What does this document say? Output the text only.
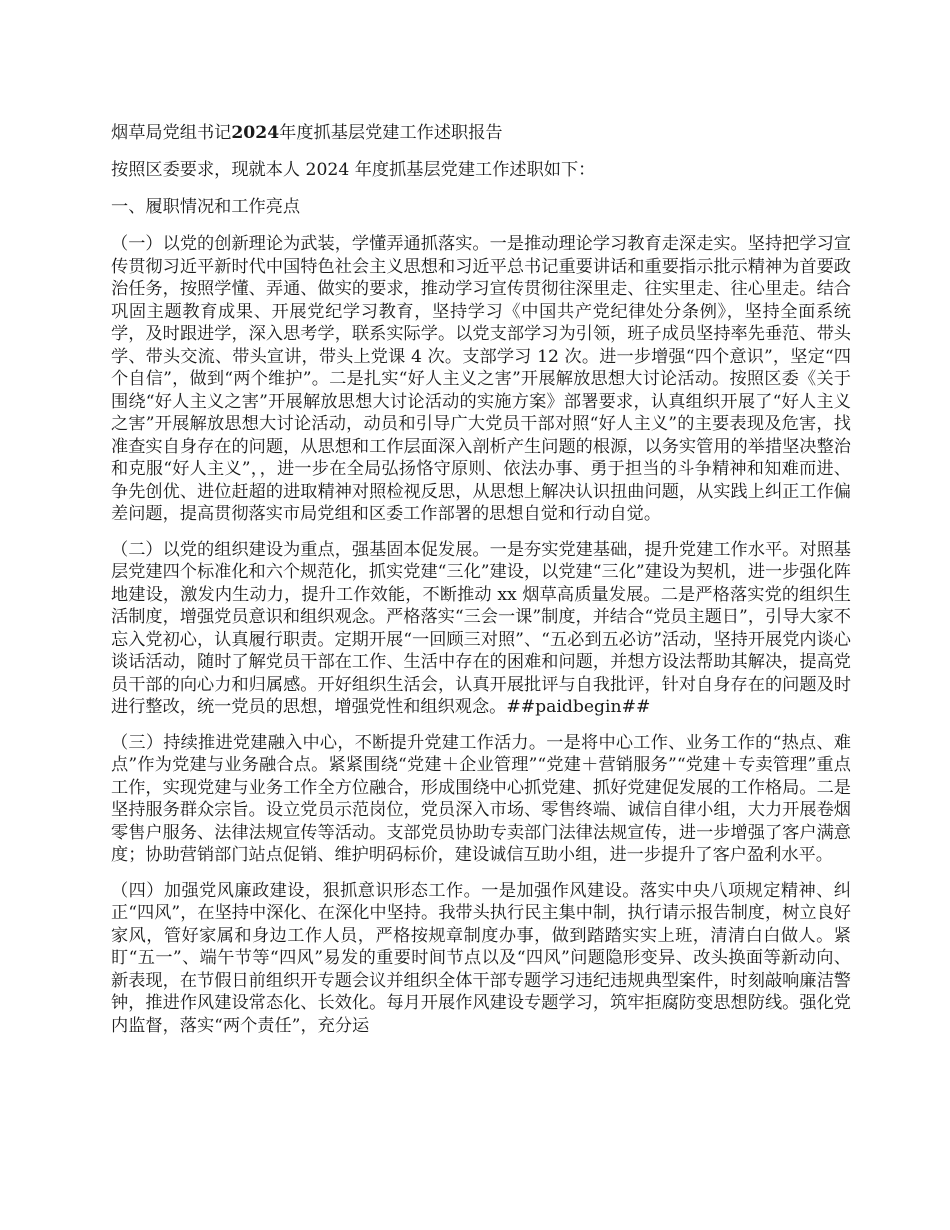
烟草局党组书记2024年度抓基层党建工作述职报告

按照区委要求，现就本人 2024 年度抓基层党建工作述职如下：

一、履职情况和工作亮点

（一）以党的创新理论为武装，学懂弄通抓落实。一是推动理论学习教育走深走实。坚持把学习宣传贯彻习近平新时代中国特色社会主义思想和习近平总书记重要讲话和重要指示批示精神为首要政治任务，按照学懂、弄通、做实的要求，推动学习宣传贯彻往深里走、往实里走、往心里走。结合巩固主题教育成果、开展党纪学习教育，坚持学习《中国共产党纪律处分条例》，坚持全面系统学，及时跟进学，深入思考学，联系实际学。以党支部学习为引领，班子成员坚持率先垂范、带头学、带头交流、带头宣讲，带头上党课 4 次。支部学习 12 次。进一步增强“四个意识”，坚定“四个自信”，做到“两个维护”。二是扎实“好人主义之害”开展解放思想大讨论活动。按照区委《关于围绕“好人主义之害”开展解放思想大讨论活动的实施方案》部署要求，认真组织开展了“好人主义之害”开展解放思想大讨论活动，动员和引导广大党员干部对照“好人主义”的主要表现及危害，找准查实自身存在的问题，从思想和工作层面深入剖析产生问题的根源，以务实管用的举措坚决整治和克服“好人主义”，，进一步在全局弘扬恪守原则、依法办事、勇于担当的斗争精神和知难而进、争先创优、进位赶超的进取精神对照检视反思，从思想上解决认识扭曲问题，从实践上纠正工作偏差问题，提高贯彻落实市局党组和区委工作部署的思想自觉和行动自觉。

（二）以党的组织建设为重点，强基固本促发展。一是夯实党建基础，提升党建工作水平。对照基层党建四个标准化和六个规范化，抓实党建“三化”建设，以党建“三化”建设为契机，进一步强化阵地建设，激发内生动力，提升工作效能，不断推动 xx 烟草高质量发展。二是严格落实党的组织生活制度，增强党员意识和组织观念。严格落实“三会一课”制度，并结合“党员主题日”，引导大家不忘入党初心，认真履行职责。定期开展“一回顾三对照”、“五必到五必访”活动，坚持开展党内谈心谈话活动，随时了解党员干部在工作、生活中存在的困难和问题，并想方设法帮助其解决，提高党员干部的向心力和归属感。开好组织生活会，认真开展批评与自我批评，针对自身存在的问题及时进行整改，统一党员的思想，增强党性和组织观念。##paidbegin##

（三）持续推进党建融入中心，不断提升党建工作活力。一是将中心工作、业务工作的“热点、难点”作为党建与业务融合点。紧紧围绕“党建＋企业管理”“党建＋营销服务”“党建＋专卖管理”重点工作，实现党建与业务工作全方位融合，形成围绕中心抓党建、抓好党建促发展的工作格局。二是坚持服务群众宗旨。设立党员示范岗位，党员深入市场、零售终端、诚信自律小组，大力开展卷烟零售户服务、法律法规宣传等活动。支部党员协助专卖部门法律法规宣传，进一步增强了客户满意度；协助营销部门站点促销、维护明码标价，建设诚信互助小组，进一步提升了客户盈利水平。

（四）加强党风廉政建设，狠抓意识形态工作。一是加强作风建设。落实中央八项规定精神、纠正“四风”，在坚持中深化、在深化中坚持。我带头执行民主集中制，执行请示报告制度，树立良好家风，管好家属和身边工作人员，严格按规章制度办事，做到踏踏实实上班，清清白白做人。紧盯“五一”、端午节等“四风”易发的重要时间节点以及“四风”问题隐形变异、改头换面等新动向、新表现，在节假日前组织开专题会议并组织全体干部专题学习违纪违规典型案件，时刻敲响廉洁警钟，推进作风建设常态化、长效化。每月开展作风建设专题学习，筑牢拒腐防变思想防线。强化党内监督，落实“两个责任”，充分运
